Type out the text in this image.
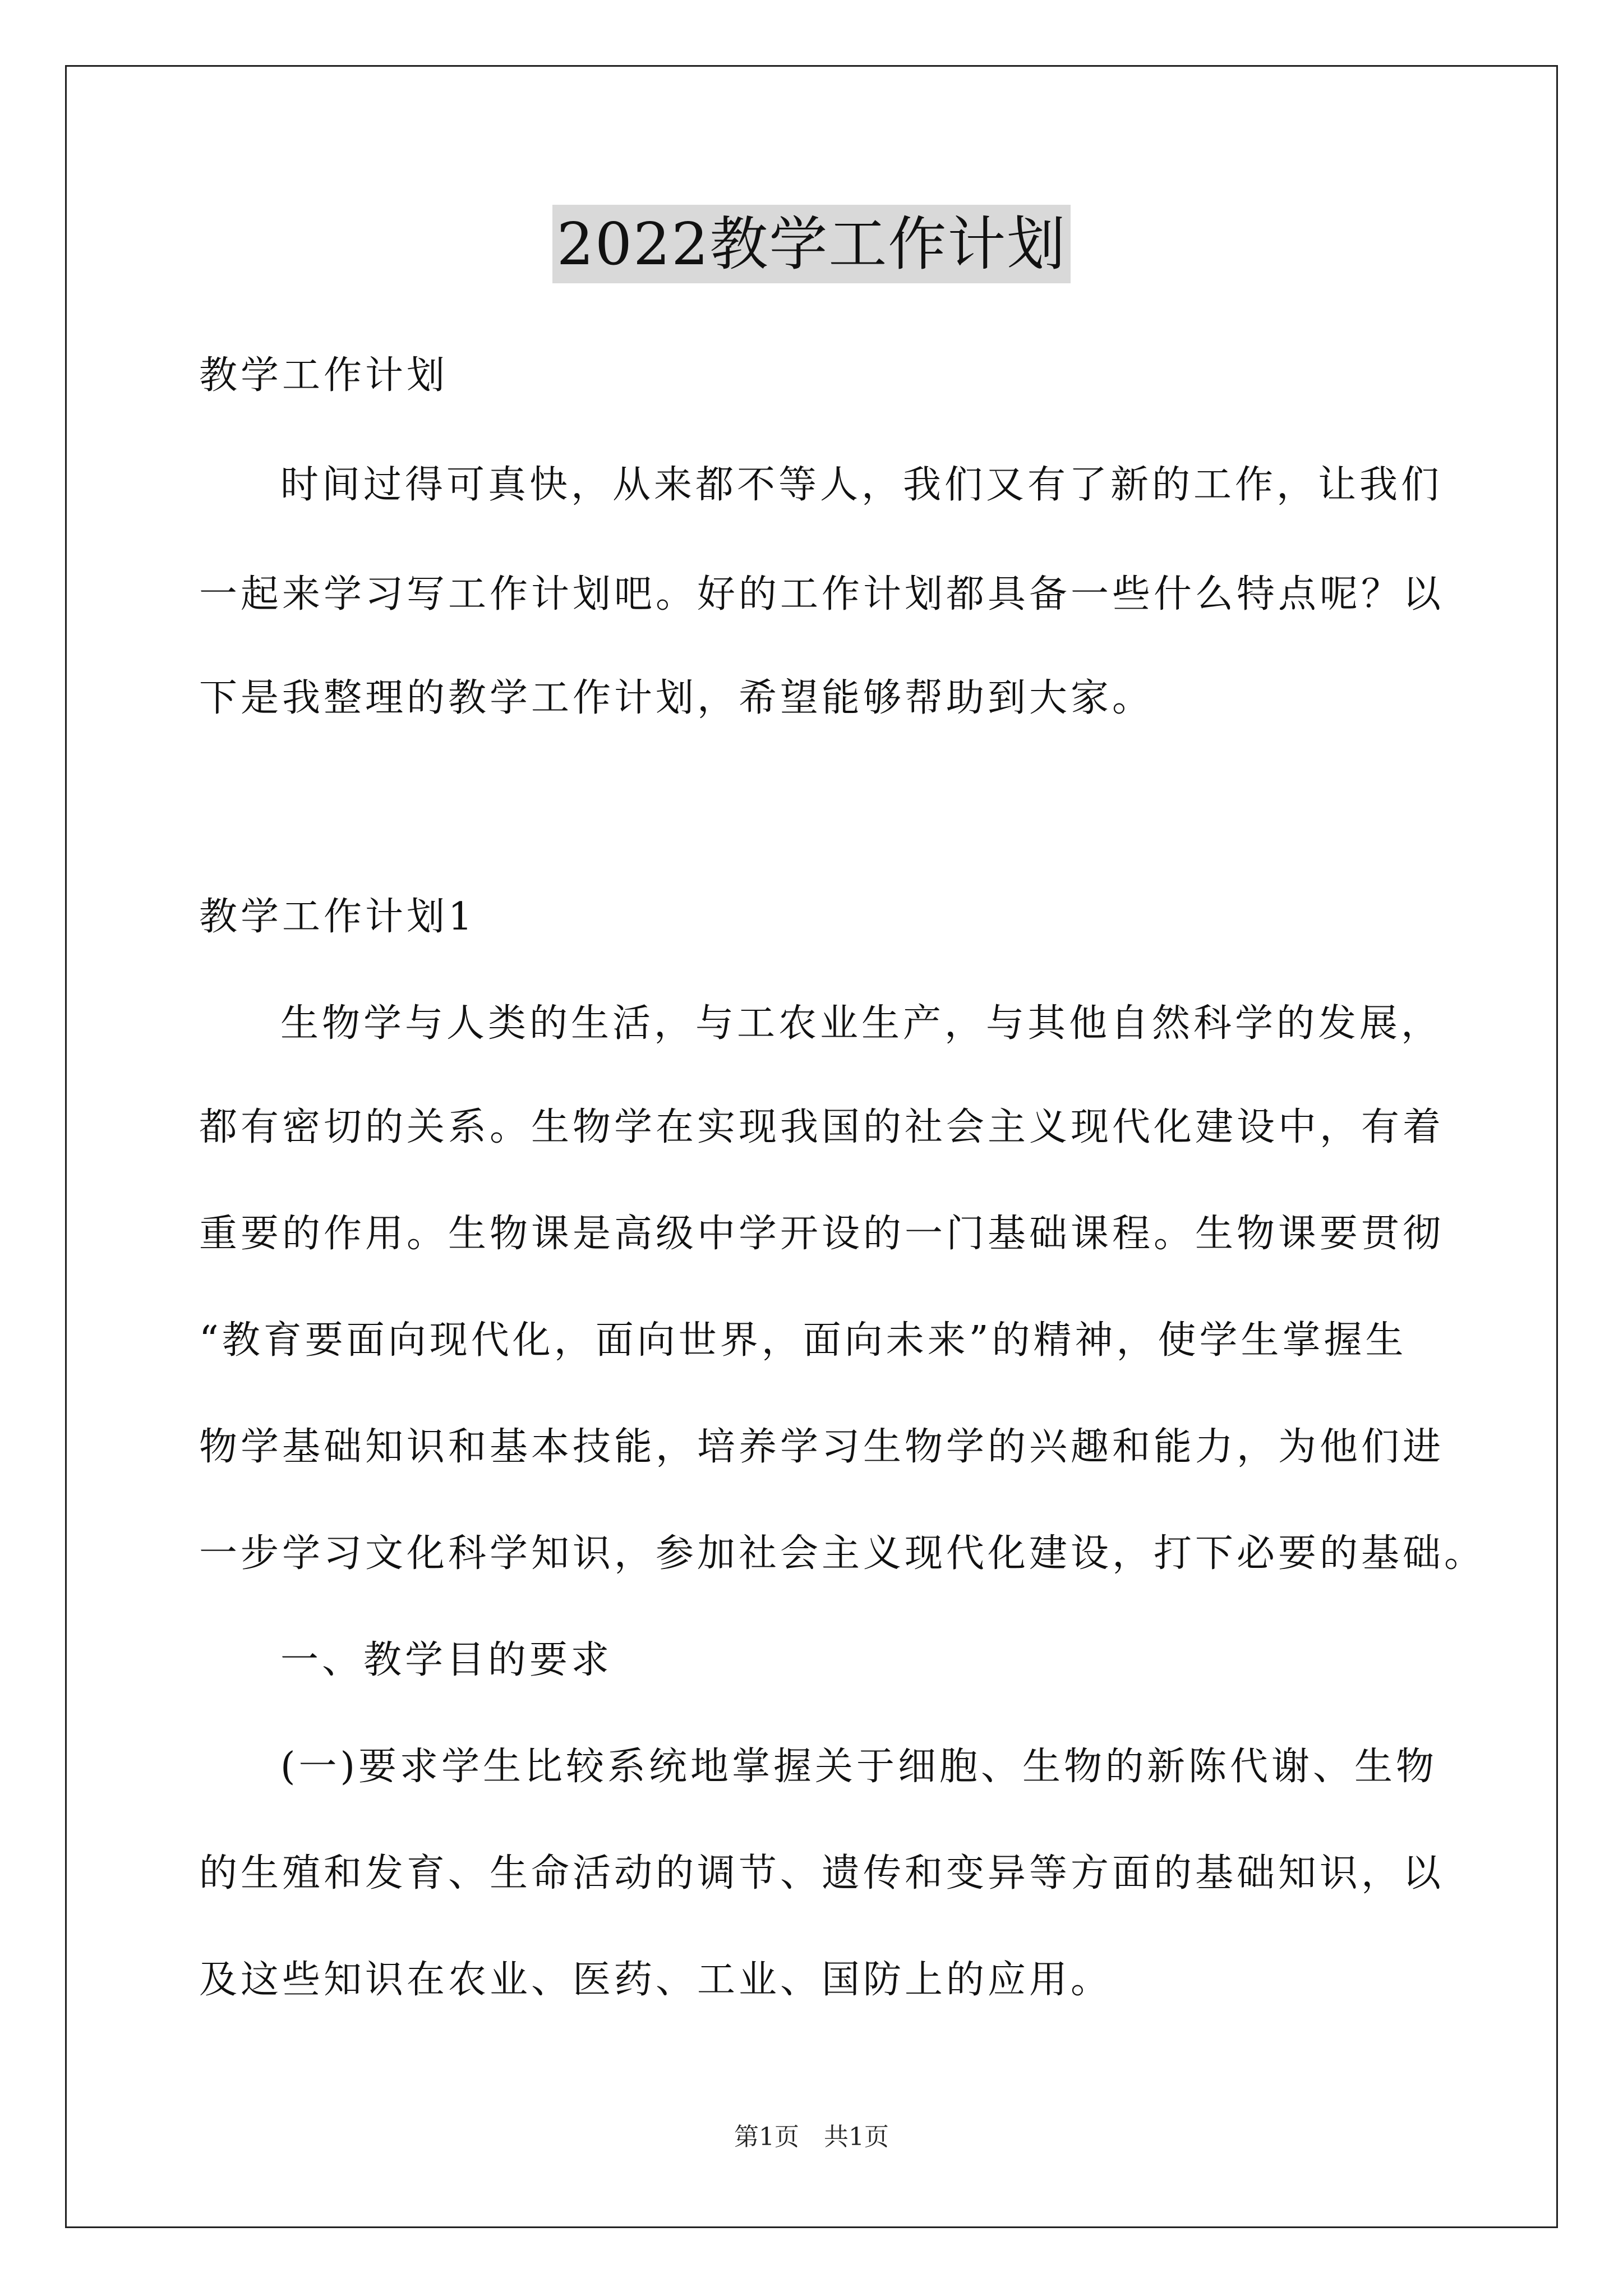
2022教学工作计划
教学工作计划
时间过得可真快，从来都不等人，我们又有了新的工作，让我们
一起来学习写工作计划吧。好的工作计划都具备一些什么特点呢？以
下是我整理的教学工作计划，希望能够帮助到大家。
教学工作计划1
生物学与人类的生活，与工农业生产，与其他自然科学的发展，
都有密切的关系。生物学在实现我国的社会主义现代化建设中，有着
重要的作用。生物课是高级中学开设的一门基础课程。生物课要贯彻
“教育要面向现代化，面向世界，面向未来”的精神，使学生掌握生
物学基础知识和基本技能，培养学习生物学的兴趣和能力，为他们进
一步学习文化科学知识，参加社会主义现代化建设，打下必要的基础。
一、教学目的要求
(一)要求学生比较系统地掌握关于细胞、生物的新陈代谢、生物
的生殖和发育、生命活动的调节、遗传和变异等方面的基础知识，以
及这些知识在农业、医药、工业、国防上的应用。
第1页　共1页
